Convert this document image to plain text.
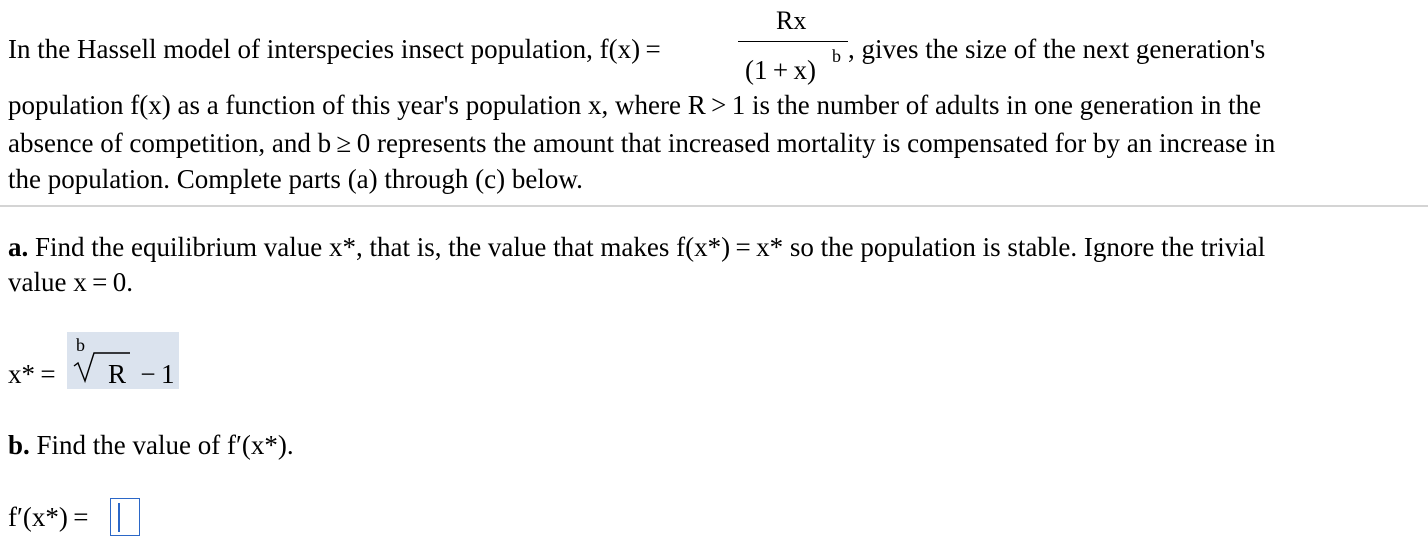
In the Hassell model of interspecies insect population, f(x) = 
Rx
(1 + x) b , gives the size of the next generation's
population f(x) as a function of this year's population x, where R > 1 is the number of adults in one generation in the
absence of competition, and b ≥ 0 represents the amount that increased mortality is compensated for by an increase in
the population. Complete parts (a) through (c) below.
a. Find the equilibrium value x*, that is, the value that makes f(x*) = x* so the population is stable. Ignore the trivial
value x = 0.
x* =
b
R  − 1
b. Find the value of f′(x*).
f′(x*) =
